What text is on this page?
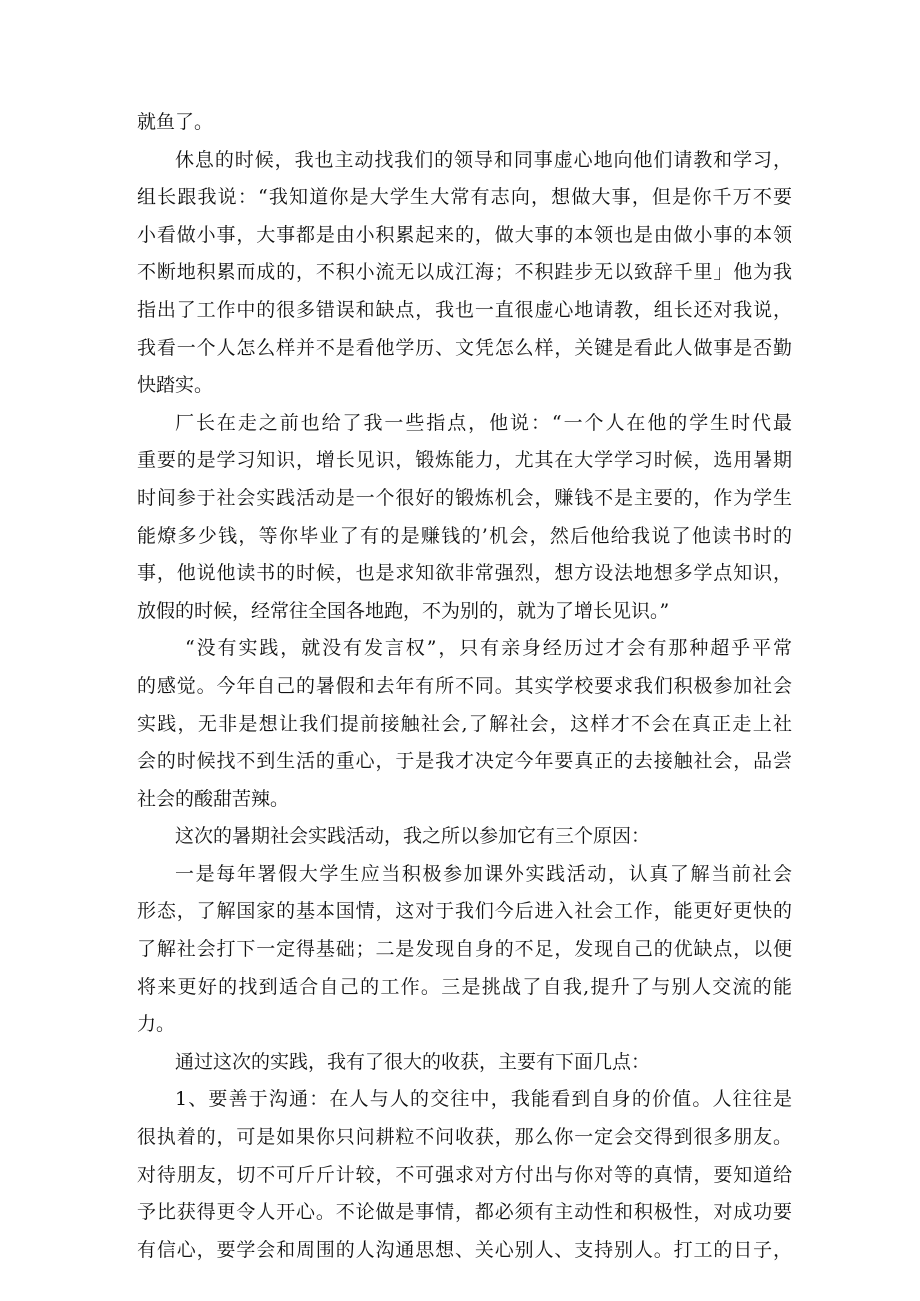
就鱼了。
休息的时候，我也主动找我们的领导和同事虚心地向他们请教和学习，
组长跟我说：“我知道你是大学生大常有志向，想做大事，但是你千万不要
小看做小事，大事都是由小积累起来的，做大事的本领也是由做小事的本领
不断地积累而成的，不积小流无以成江海；不积跬步无以致辞千里」他为我
指出了工作中的很多错误和缺点，我也一直很虚心地请教，组长还对我说，
我看一个人怎么样并不是看他学历、文凭怎么样，关键是看此人做事是否勤
快踏实。
厂长在走之前也给了我一些指点，他说：“一个人在他的学生时代最
重要的是学习知识，增长见识，锻炼能力，尤其在大学学习时候，选用暑期
时间参于社会实践活动是一个很好的锻炼机会，赚钱不是主要的，作为学生
能燎多少钱，等你毕业了有的是赚钱的’机会，然后他给我说了他读书时的
事，他说他读书的时候，也是求知欲非常强烈，想方设法地想多学点知识，
放假的时候，经常往全国各地跑，不为别的，就为了增长见识。”
“没有实践，就没有发言权”，只有亲身经历过才会有那种超乎平常
的感觉。今年自己的暑假和去年有所不同。其实学校要求我们积极参加社会
实践，无非是想让我们提前接触社会,了解社会，这样才不会在真正走上社
会的时候找不到生活的重心，于是我才决定今年要真正的去接触社会，品尝
社会的酸甜苦辣。
这次的暑期社会实践活动，我之所以参加它有三个原因：
一是每年署假大学生应当积极参加课外实践活动，认真了解当前社会
形态，了解国家的基本国情，这对于我们今后进入社会工作，能更好更快的
了解社会打下一定得基础；二是发现自身的不足，发现自己的优缺点，以便
将来更好的找到适合自己的工作。三是挑战了自我,提升了与别人交流的能
力。
通过这次的实践，我有了很大的收获，主要有下面几点：
1、要善于沟通：在人与人的交往中，我能看到自身的价值。人往往是
很执着的，可是如果你只问耕粒不问收获，那么你一定会交得到很多朋友。
对待朋友，切不可斤斤计较，不可强求对方付出与你对等的真情，要知道给
予比获得更令人开心。不论做是事情，都必须有主动性和积极性，对成功要
有信心，要学会和周围的人沟通思想、关心别人、支持别人。打工的日子，
